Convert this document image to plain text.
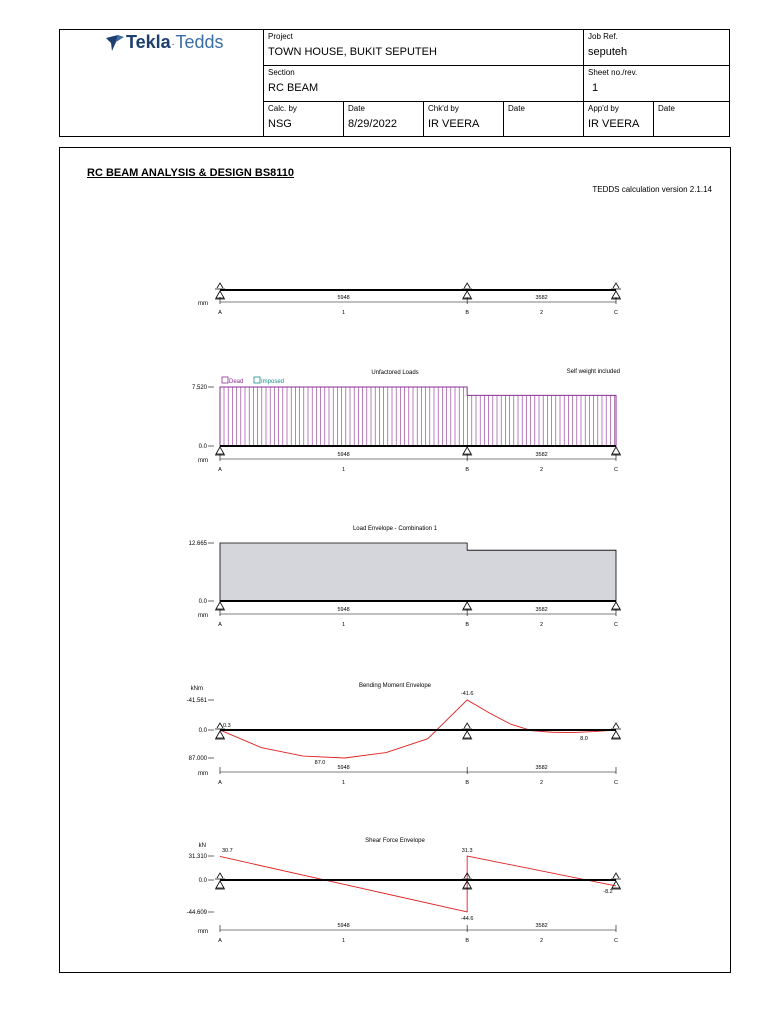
Tekla . Tedds	Project
TOWN HOUSE, BUKIT SEPUTEH
Job Ref.
seputeh
Section
RC BEAM
Sheet no./rev.
1
Calc. by
NSG
Date
8/29/2022
Chk'd by
IR VEERA
Date	App'd by
IR VEERA
Date
RC BEAM ANALYSIS & DESIGN BS8110
TEDDS calculation version 2.1.14
mm
A	B	C
5948
1
3582
2
Unfactored Loads	Self weight included
Dead	Imposed
7.520
0.0
mm
A	B	C
5948
1
3582
2
Load Envelope - Combination 1
12.665
0.0
mm
A	B	C
5948
1
3582
2
Bending Moment Envelope
kNm
-41.561
0.0
87.000
0.3
87.0
-41.6
8.0
mm
A	B	C
5948
1
3582
2
Shear Force Envelope
kN
31.310
0.0
-44.609
30.7	31.3
-44.6
-8.2
mm
A	B	C
5948
1
3582
2
